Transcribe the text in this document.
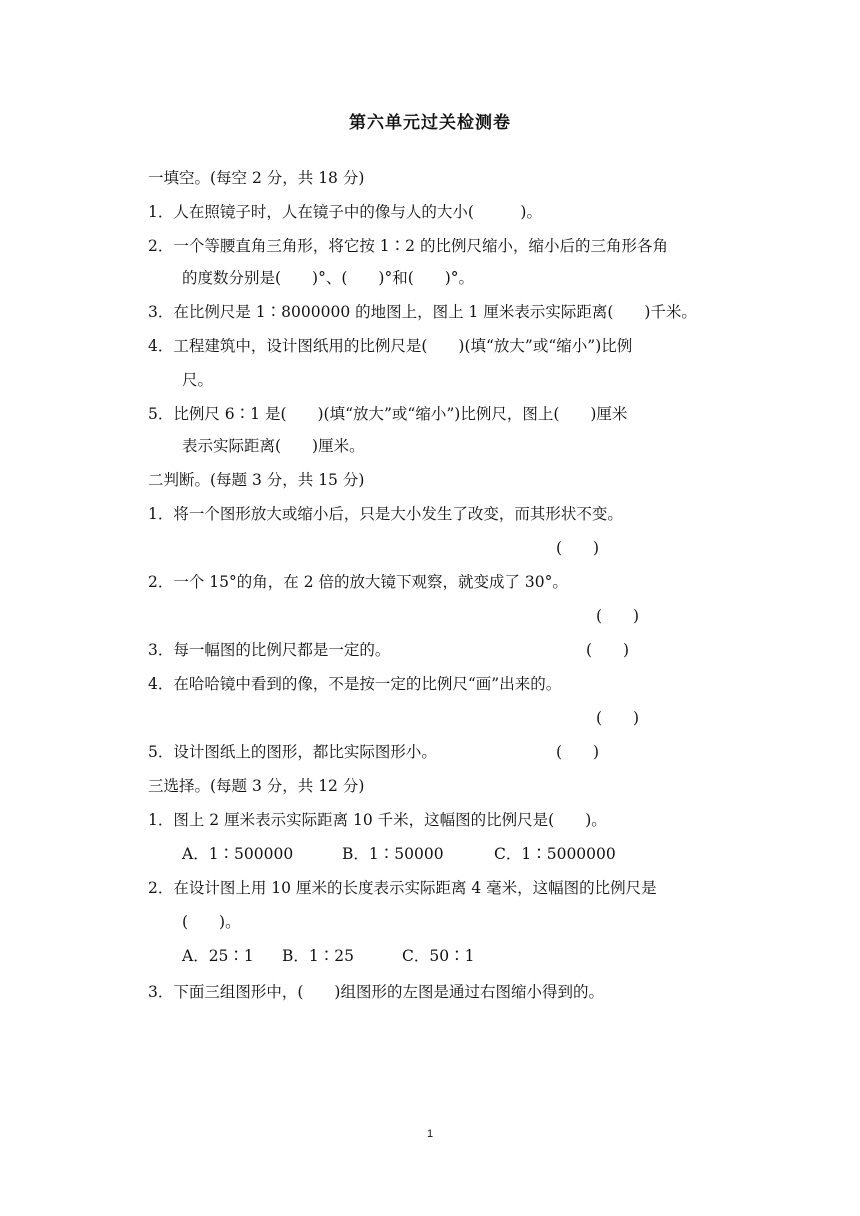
第六单元过关检测卷
一填空。(每空 2 分，共 18 分)
1．人在照镜子时，人在镜子中的像与人的大小(　　　)。
2．一个等腰直角三角形，将它按 1∶2 的比例尺缩小，缩小后的三角形各角
的度数分别是(　　)°、(　　)°和(　　)°。
3．在比例尺是 1∶8000000 的地图上，图上 1 厘米表示实际距离(　　)千米。
4．工程建筑中，设计图纸用的比例尺是(　　)(填“放大”或“缩小”)比例
尺。
5．比例尺 6∶1 是(　　)(填“放大”或“缩小”)比例尺，图上(　　)厘米
表示实际距离(　　)厘米。
二判断。(每题 3 分，共 15 分)
1．将一个图形放大或缩小后，只是大小发生了改变，而其形状不变。
(　　)
2．一个 15°的角，在 2 倍的放大镜下观察，就变成了 30°。
(　　)
3．每一幅图的比例尺都是一定的。	(　　)
4．在哈哈镜中看到的像，不是按一定的比例尺“画”出来的。
(　　)
5．设计图纸上的图形，都比实际图形小。	(　　)
三选择。(每题 3 分，共 12 分)
1．图上 2 厘米表示实际距离 10 千米，这幅图的比例尺是(　　)。
A．1∶500000	B．1∶50000	C．1∶5000000
2．在设计图上用 10 厘米的长度表示实际距离 4 毫米，这幅图的比例尺是
(　　)。
A．25∶1 B．1∶25	C．50∶1
3．下面三组图形中，(　　)组图形的左图是通过右图缩小得到的。
1
